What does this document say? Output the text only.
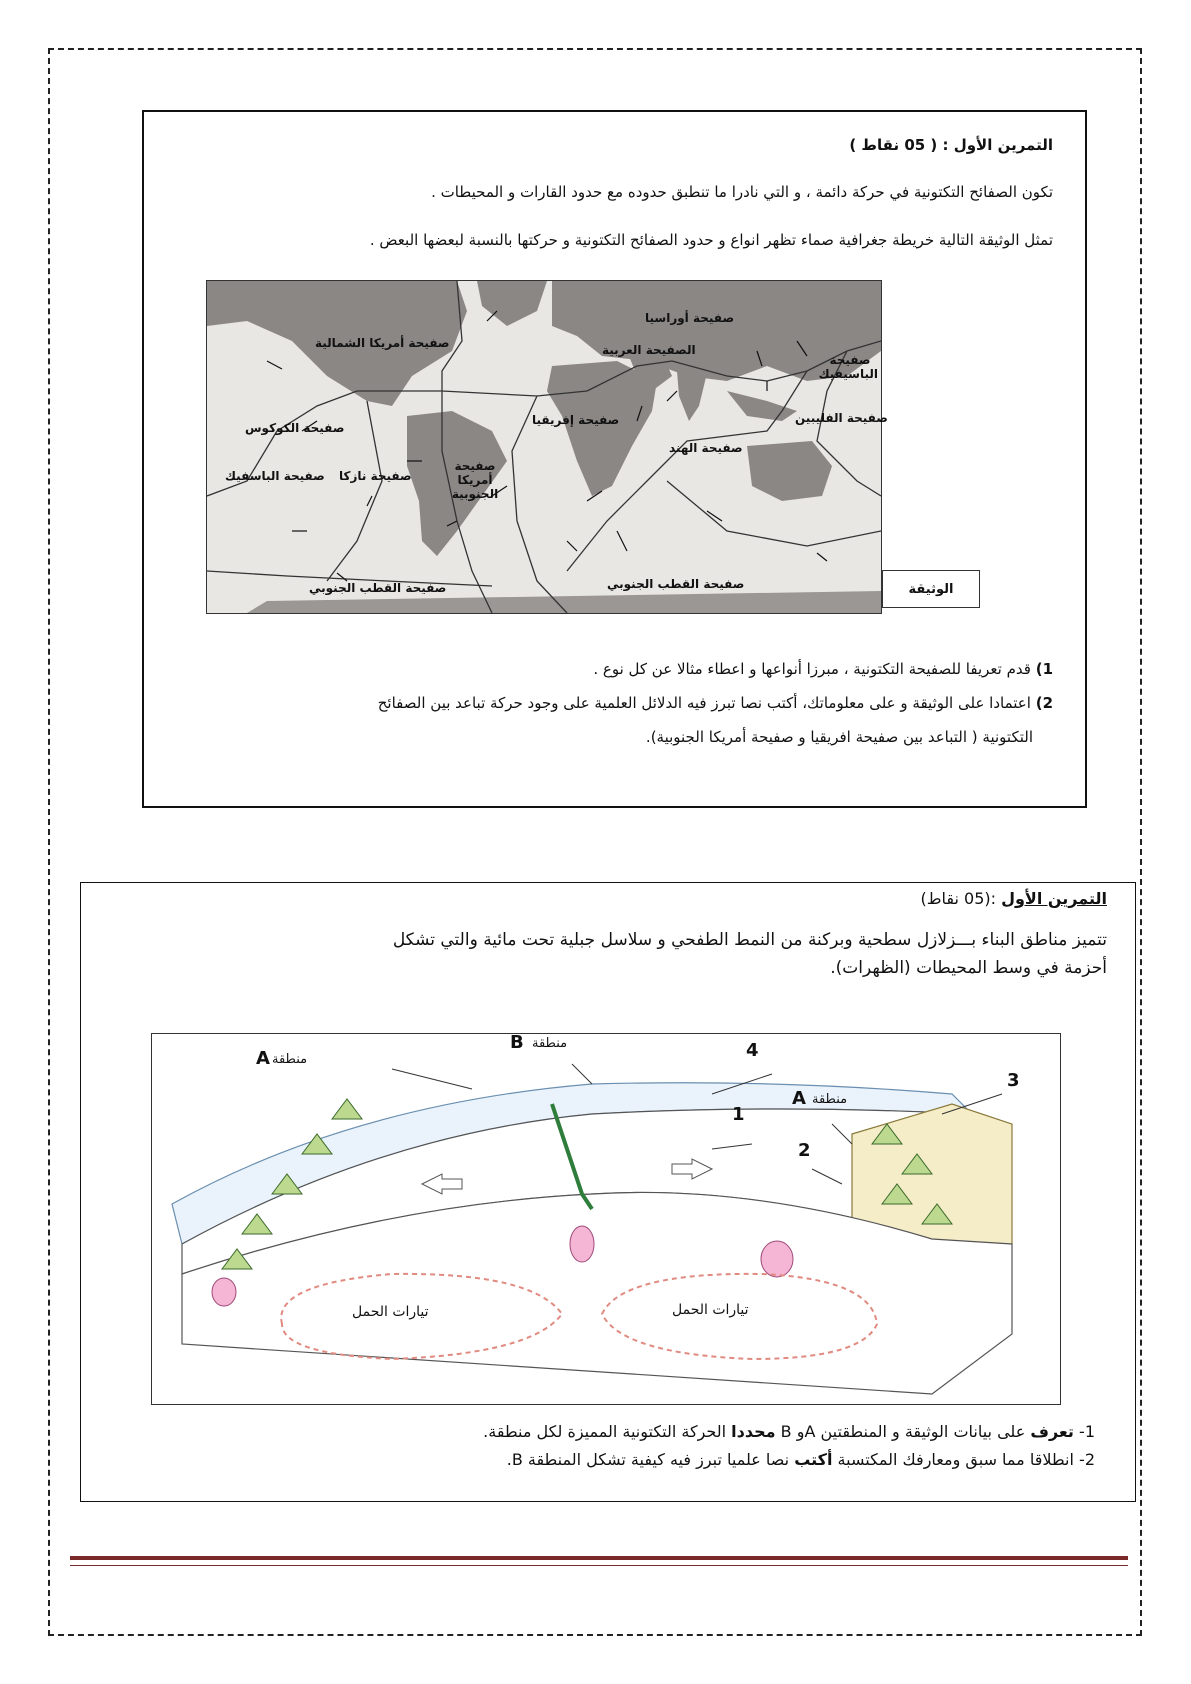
التمرين الأول : ( 05 نقاط )
تكون الصفائح التكتونية في حركة دائمة ، و التي نادرا ما تنطبق حدوده مع حدود القارات و المحيطات .
تمثل الوثيقة التالية خريطة جغرافية صماء تظهر انواع و حدود الصفائح التكتونية و حركتها بالنسبة لبعضها البعض .
صفيحة أوراسيا
الصفيحة العربية
صفيحة أمريكا الشمالية
صفيحة الباسيفيك
صفيحة الفليبين
صفيحة الكوكوس
صفيحة إفريقيا
صفيحة الهند
صفيحة نازكا
صفيحة الباسفيك
صفيحة أمريكا الجنوبية
صفيحة القطب الجنوبي	صفيحة القطب الجنوبي	الوثيقة
1) قدم تعريفا للصفيحة التكتونية ، مبرزا أنواعها و اعطاء مثالا عن كل نوع .
2) اعتمادا على الوثيقة و على معلوماتك، أكتب نصا تبرز فيه الدلائل العلمية على وجود حركة تباعد بين الصفائح
التكتونية ( التباعد بين صفيحة افريقيا و صفيحة أمريكا الجنوبية).
التمرين الأول :(05 نقاط)
تتميز مناطق البناء بـــزلازل سطحية وبركنة من النمط الطفحي و سلاسل جبلية تحت مائية والتي تشكل
أحزمة في وسط المحيطات (الظهرات).
منطقة
A
منطقة
B	4
1
منطقة
A
3
2
تيارات الحمل	تيارات الحمل
1- تعرف على بيانات الوثيقة و المنطقتين Aو B محددا الحركة التكتونية المميزة لكل منطقة.
2- انطلاقا مما سبق ومعارفك المكتسبة أكتب نصا علميا تبرز فيه كيفية تشكل المنطقة B.
